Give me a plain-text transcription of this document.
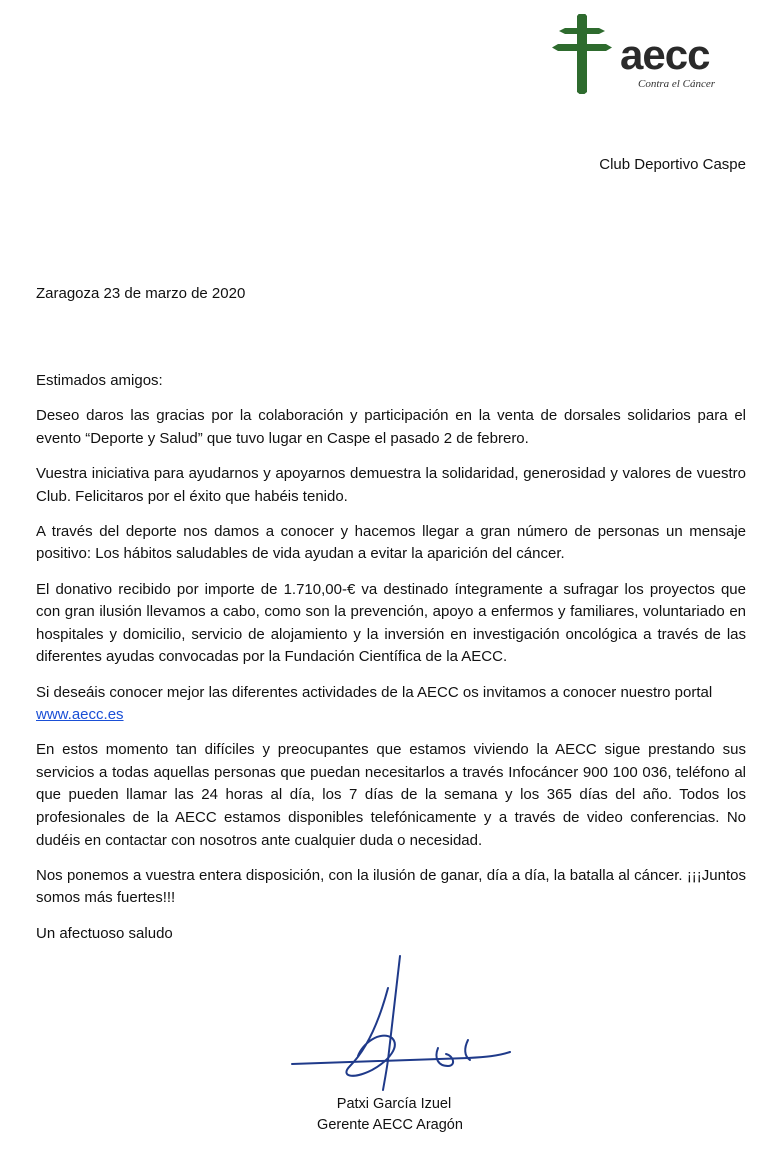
aecc
Contra el Cáncer
Club Deportivo Caspe
Zaragoza 23 de marzo de 2020

Estimados amigos:

Deseo daros las gracias por la colaboración y participación en la venta de dorsales solidarios para el evento “Deporte y Salud” que tuvo lugar en Caspe el pasado 2 de febrero.

Vuestra iniciativa para ayudarnos y apoyarnos demuestra la solidaridad, generosidad y valores de vuestro Club. Felicitaros por el éxito que habéis tenido.

A través del deporte nos damos a conocer y hacemos llegar a gran número de personas un mensaje positivo: Los hábitos saludables de vida ayudan a evitar la aparición del cáncer.

El donativo recibido por importe de 1.710,00-€ va destinado íntegramente a sufragar los proyectos que con gran ilusión llevamos a cabo, como son la prevención, apoyo a enfermos y familiares, voluntariado en hospitales y domicilio, servicio de alojamiento y la inversión en investigación oncológica a través de las diferentes ayudas convocadas por la Fundación Científica de la AECC.

Si deseáis conocer mejor las diferentes actividades de la AECC os invitamos a conocer nuestro portal
www.aecc.es

En estos momento tan difíciles y preocupantes que estamos viviendo la AECC sigue prestando sus servicios a todas aquellas personas que puedan necesitarlos a través Infocáncer 900 100 036, teléfono al que pueden llamar las 24 horas al día, los 7 días de la semana y los 365 días del año. Todos los profesionales de la AECC estamos disponibles telefónicamente y a través de video conferencias. No dudéis en contactar con nosotros ante cualquier duda o necesidad.

Nos ponemos a vuestra entera disposición, con la ilusión de ganar, día a día, la batalla al cáncer. ¡¡¡Juntos somos más fuertes!!!

Un afectuoso saludo

Patxi García Izuel
Gerente AECC Aragón
